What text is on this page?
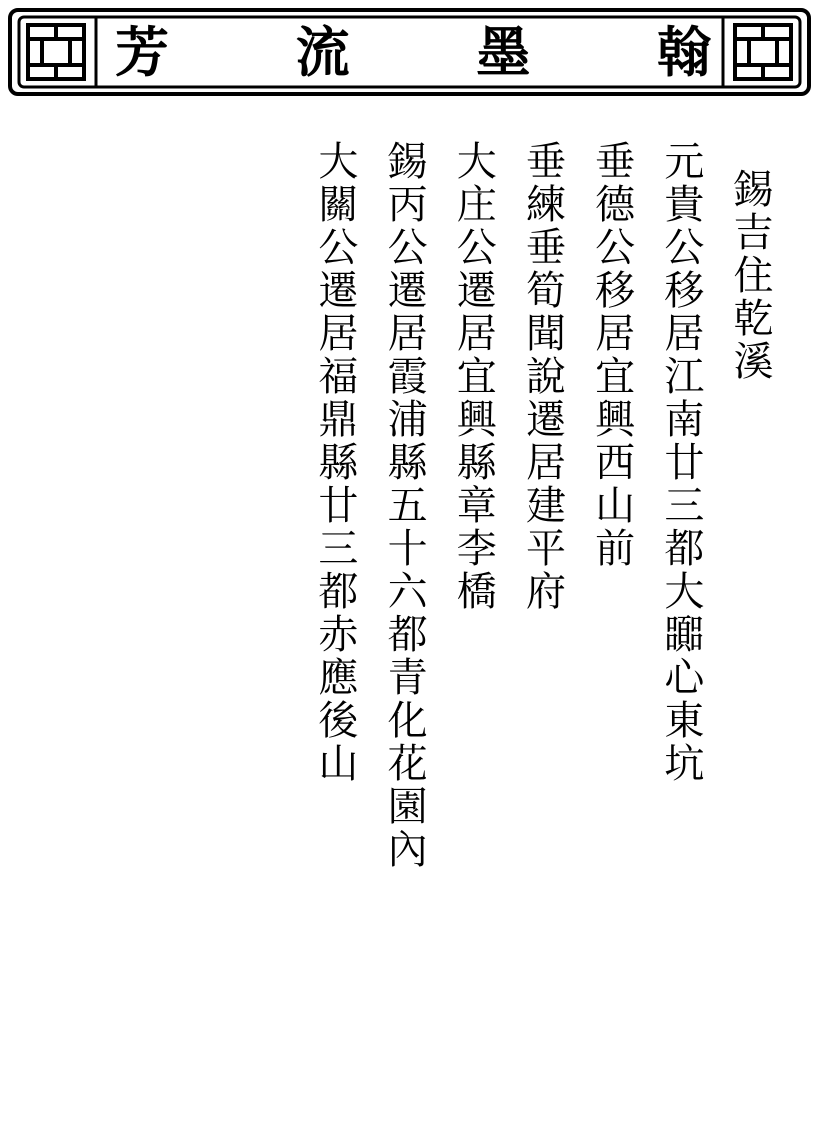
翰
墨
流
芳
大關公遷居福鼎縣廿三都赤應後山 錫丙公遷居霞浦縣五十六都青化花園內 大庄公遷居宜興縣章李橋 垂練垂筍聞說遷居建平府 垂德公移居宜興西山前 元貴公移居江南廿三都大嚻心東坑 錫吉住乾溪
